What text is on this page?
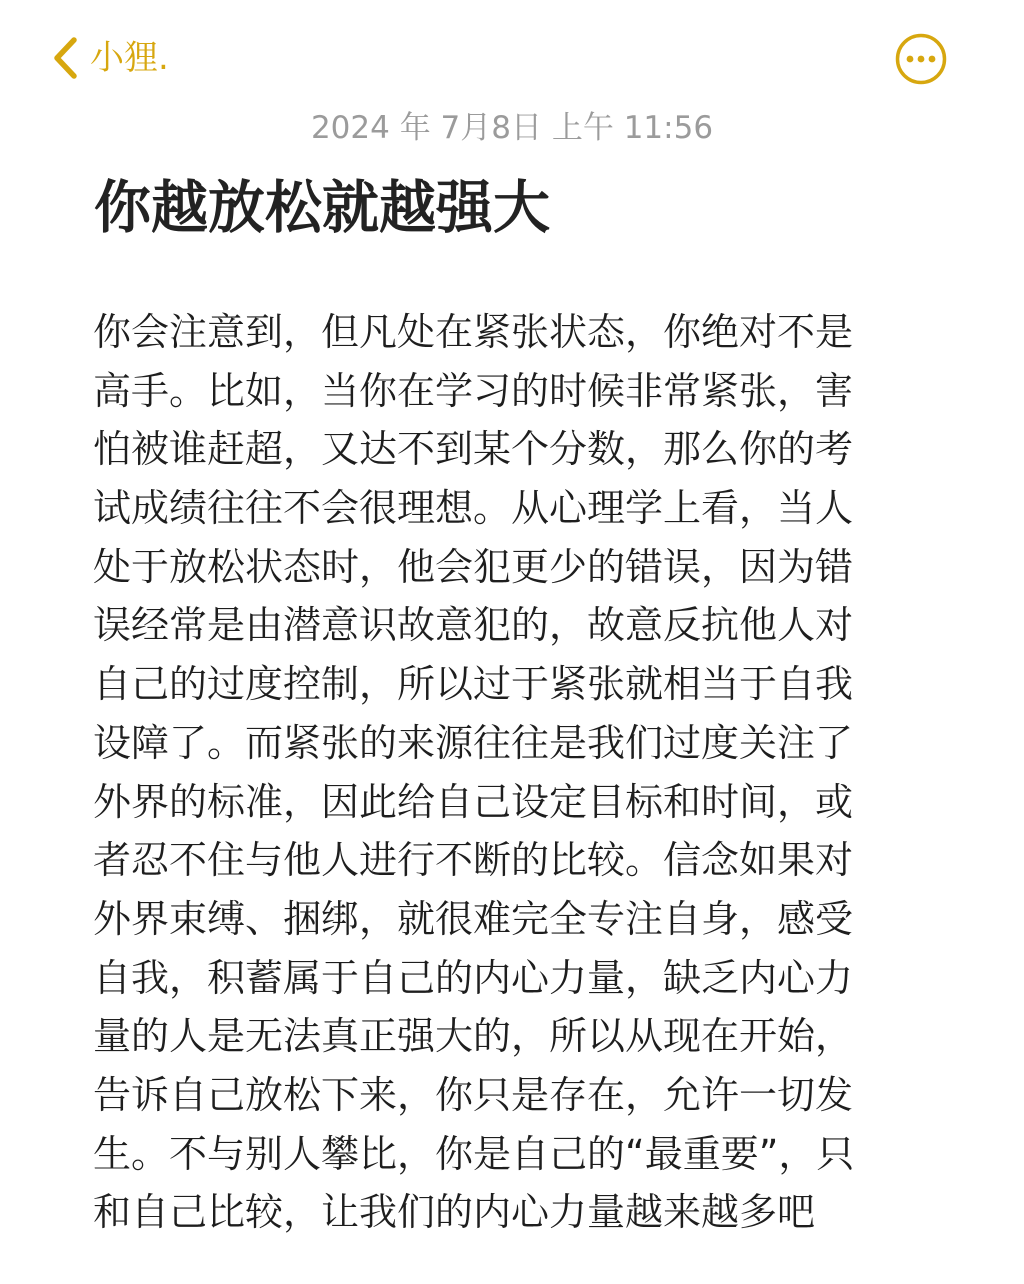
小狸.
2024 年 7月8日 上午 11:56
你越放松就越强大
你会注意到，但凡处在紧张状态，你绝对不是
高手。比如，当你在学习的时候非常紧张，害
怕被谁赶超，又达不到某个分数，那么你的考
试成绩往往不会很理想。从心理学上看，当人
处于放松状态时，他会犯更少的错误，因为错
误经常是由潜意识故意犯的，故意反抗他人对
自己的过度控制，所以过于紧张就相当于自我
设障了。而紧张的来源往往是我们过度关注了
外界的标准，因此给自己设定目标和时间，或
者忍不住与他人进行不断的比较。信念如果对
外界束缚、捆绑，就很难完全专注自身，感受
自我，积蓄属于自己的内心力量，缺乏内心力
量的人是无法真正强大的，所以从现在开始，
告诉自己放松下来，你只是存在，允许一切发
生。不与别人攀比，你是自己的“最重要”，只
和自己比较，让我们的内心力量越来越多吧
